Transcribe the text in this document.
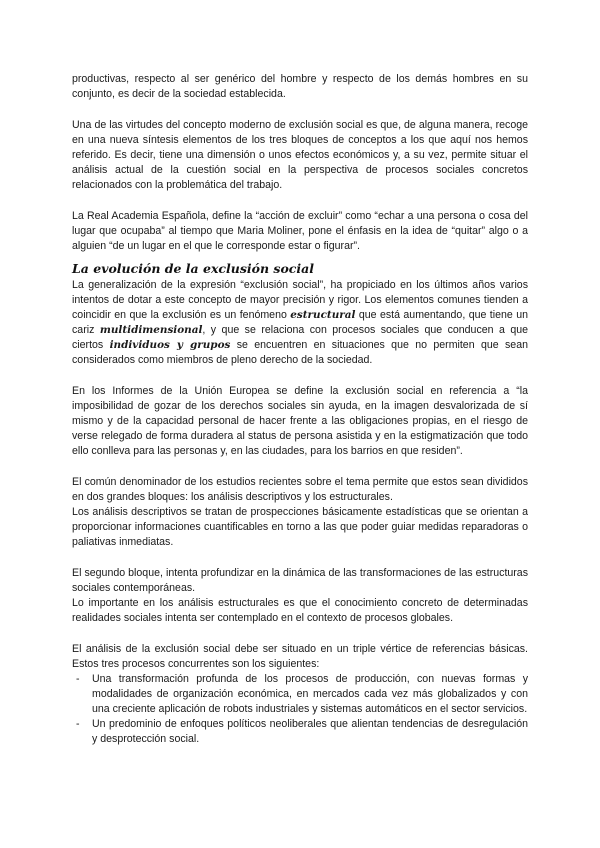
productivas, respecto al ser genérico del hombre y respecto de los demás hombres en su conjunto, es decir de la sociedad establecida.

Una de las virtudes del concepto moderno de exclusión social es que, de alguna manera, recoge en una nueva síntesis elementos de los tres bloques de conceptos a los que aquí nos hemos referido. Es decir, tiene una dimensión o unos efectos económicos y, a su vez, permite situar el análisis actual de la cuestión social en la perspectiva de procesos sociales concretos relacionados con la problemática del trabajo.

La Real Academia Española, define la “acción de excluir” como “echar a una persona o cosa del lugar que ocupaba” al tiempo que Maria Moliner, pone el énfasis en la idea de “quitar” algo o a alguien “de un lugar en el que le corresponde estar o figurar”.

La evolución de la exclusión social

La generalización de la expresión “exclusión social”, ha propiciado en los últimos años varios intentos de dotar a este concepto de mayor precisión y rigor. Los elementos comunes tienden a coincidir en que la exclusión es un fenómeno estructural que está aumentando, que tiene un cariz multidimensional, y que se relaciona con procesos sociales que conducen a que ciertos individuos y grupos se encuentren en situaciones que no permiten que sean considerados como miembros de pleno derecho de la sociedad.

En los Informes de la Unión Europea se define la exclusión social en referencia a “la imposibilidad de gozar de los derechos sociales sin ayuda, en la imagen desvalorizada de sí mismo y de la capacidad personal de hacer frente a las obligaciones propias, en el riesgo de verse relegado de forma duradera al status de persona asistida y en la estigmatización que todo ello conlleva para las personas y, en las ciudades, para los barrios en que residen”.

El común denominador de los estudios recientes sobre el tema permite que estos sean divididos en dos grandes bloques: los análisis descriptivos y los estructurales.

Los análisis descriptivos se tratan de prospecciones básicamente estadísticas que se orientan a proporcionar informaciones cuantificables en torno a las que poder guiar medidas reparadoras o paliativas inmediatas.

El segundo bloque, intenta profundizar en la dinámica de las transformaciones de las estructuras sociales contemporáneas.

Lo importante en los análisis estructurales es que el conocimiento concreto de determinadas realidades sociales intenta ser contemplado en el contexto de procesos globales.

El análisis de la exclusión social debe ser situado en un triple vértice de referencias básicas. Estos tres procesos concurrentes son los siguientes:

- Una transformación profunda de los procesos de producción, con nuevas formas y modalidades de organización económica, en mercados cada vez más globalizados y con una creciente aplicación de robots industriales y sistemas automáticos en el sector servicios.
- Un predominio de enfoques políticos neoliberales que alientan tendencias de desregulación y desprotección social.
